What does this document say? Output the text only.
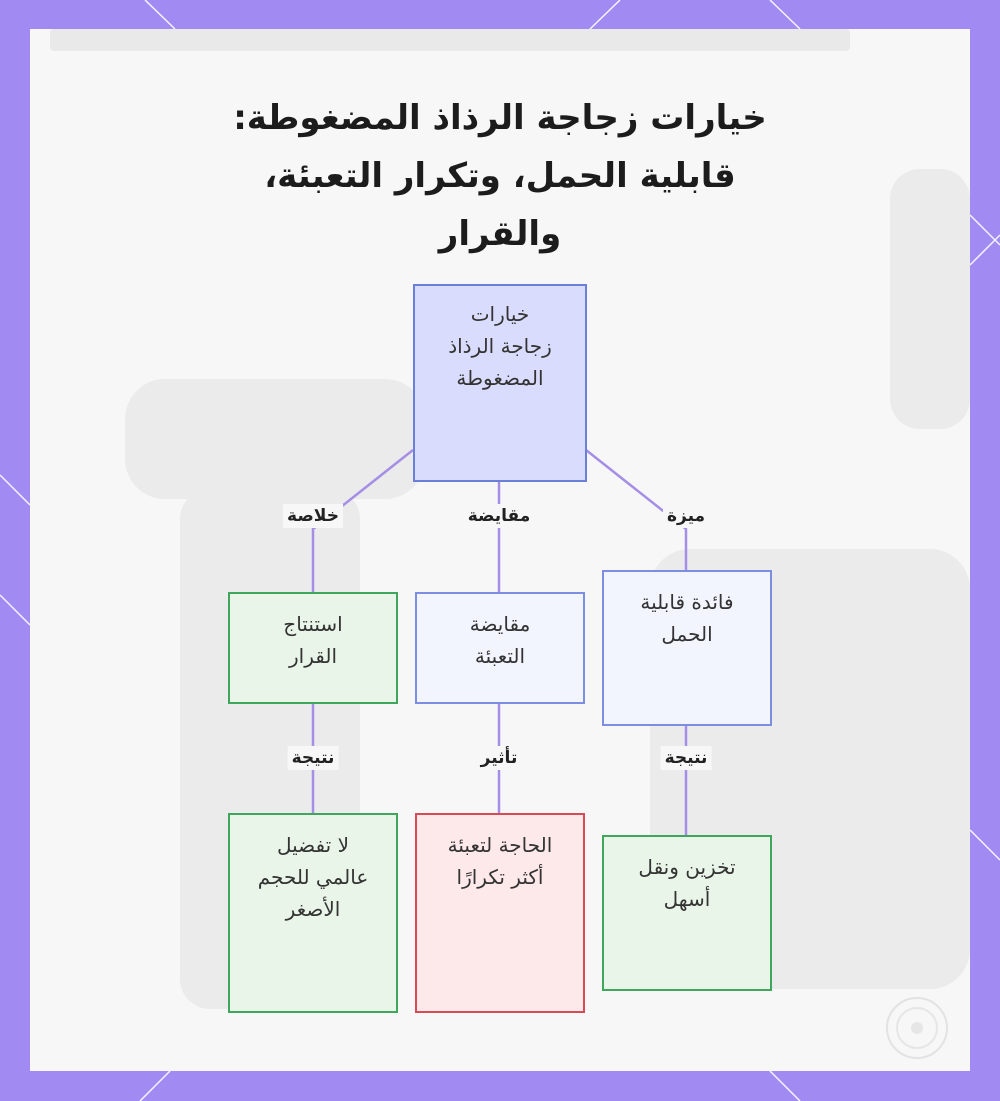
خيارات زجاجة الرذاذ المضغوطة: قابلية الحمل، وتكرار التعبئة، والقرار
خيارات زجاجة الرذاذ المضغوطة
فائدة قابلية الحمل
مقايضة التعبئة
استنتاج القرار
تخزين ونقل أسهل
الحاجة لتعبئة أكثر تكرارًا
لا تفضيل عالمي للحجم الأصغر
ميزة
مقايضة
خلاصة
نتيجة
تأثير
نتيجة
